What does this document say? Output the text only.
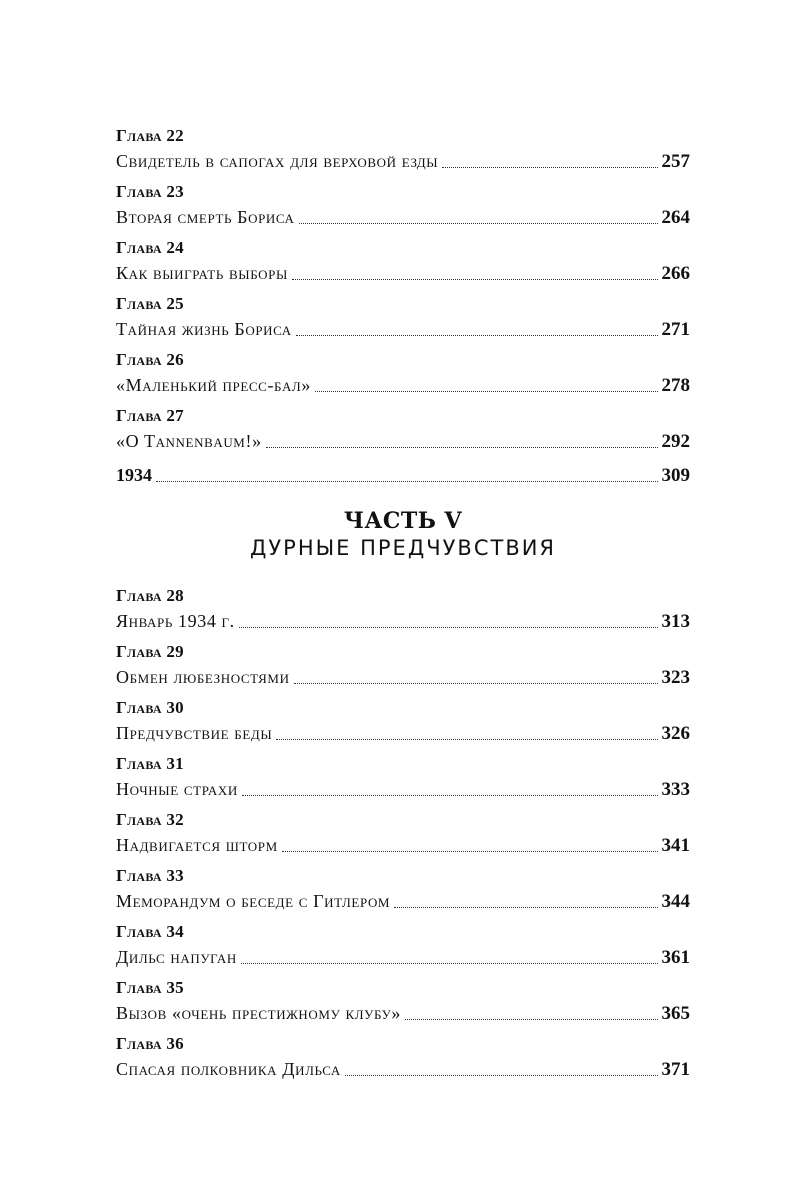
Глава 22
Свидетель в сапогах для верховой езды	257
Глава 23
Вторая смерть Бориса	264
Глава 24
Как выиграть выборы	266
Глава 25
Тайная жизнь Бориса	271
Глава 26
«Маленький пресс-бал»	278
Глава 27
«O Tannenbaum!»	292
1934	309
ЧАСТЬ V
ДУРНЫЕ ПРЕДЧУВСТВИЯ
Глава 28
Январь 1934 г.	313
Глава 29
Обмен любезностями	323
Глава 30
Предчувствие беды	326
Глава 31
Ночные страхи	333
Глава 32
Надвигается шторм	341
Глава 33
Меморандум о беседе с Гитлером	344
Глава 34
Дильс напуган	361
Глава 35
Вызов «очень престижному клубу»	365
Глава 36
Спасая полковника Дильса	371
